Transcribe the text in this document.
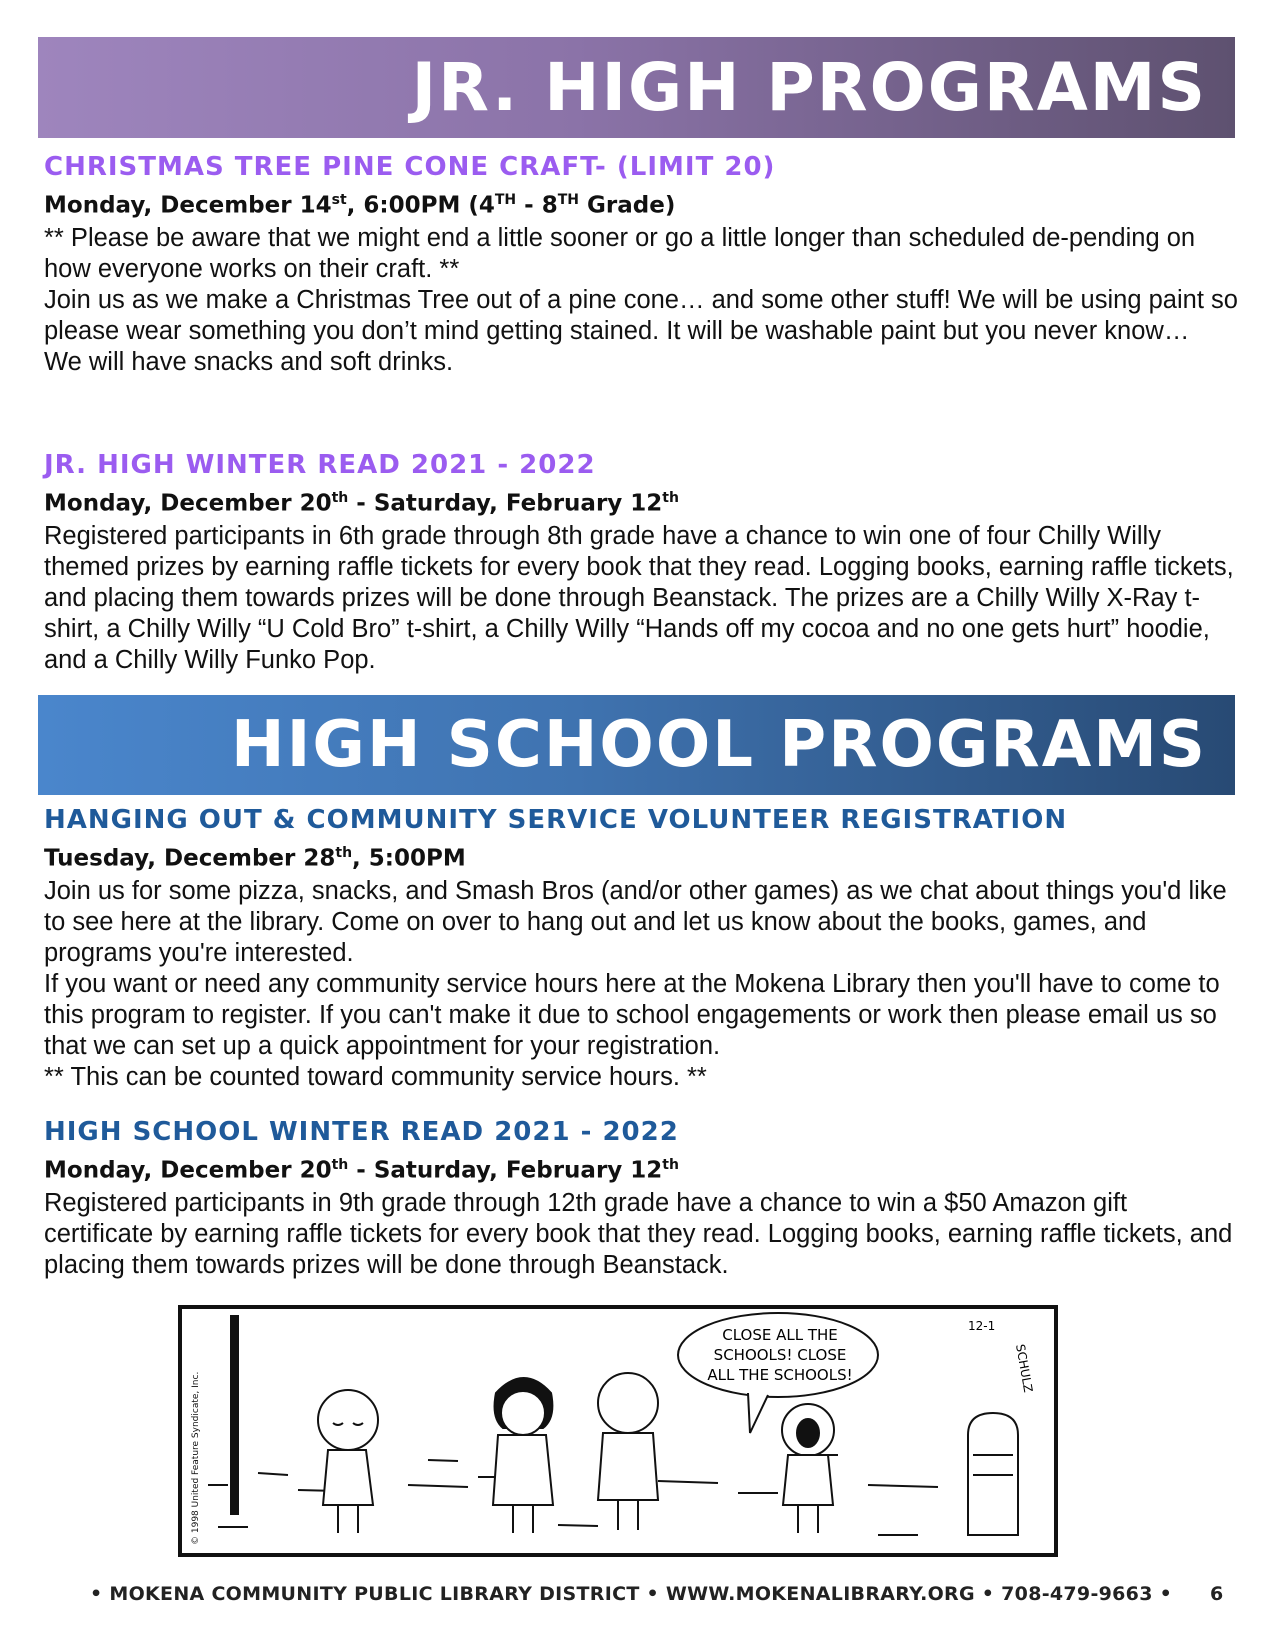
JR. HIGH PROGRAMS
CHRISTMAS TREE PINE CONE CRAFT- (LIMIT 20)
Monday, December 14st, 6:00PM (4TH - 8TH Grade)

** Please be aware that we might end a little sooner or go a little longer than scheduled de-pending on how everyone works on their craft. **

Join us as we make a Christmas Tree out of a pine cone… and some other stuff! We will be using paint so please wear something you don’t mind getting stained. It will be washable paint but you never know…

We will have snacks and soft drinks.

JR. HIGH WINTER READ 2021 - 2022
Monday, December 20th - Saturday, February 12th

Registered participants in 6th grade through 8th grade have a chance to win one of four Chilly Willy themed prizes by earning raffle tickets for every book that they read. Logging books, earning raffle tickets, and placing them towards prizes will be done through Beanstack. The prizes are a Chilly Willy X-Ray t-shirt, a Chilly Willy “U Cold Bro” t-shirt, a Chilly Willy “Hands off my cocoa and no one gets hurt” hoodie, and a Chilly Willy Funko Pop.

HIGH SCHOOL PROGRAMS
HANGING OUT & COMMUNITY SERVICE VOLUNTEER REGISTRATION
Tuesday, December 28th, 5:00PM

Join us for some pizza, snacks, and Smash Bros (and/or other games) as we chat about things you'd like to see here at the library. Come on over to hang out and let us know about the books, games, and programs you're interested.

If you want or need any community service hours here at the Mokena Library then you'll have to come to this program to register. If you can't make it due to school engagements or work then please email us so that we can set up a quick appointment for your registration.

** This can be counted toward community service hours. **

HIGH SCHOOL WINTER READ 2021 - 2022
Monday, December 20th - Saturday, February 12th

Registered participants in 9th grade through 12th grade have a chance to win a $50 Amazon gift certificate by earning raffle tickets for every book that they read. Logging books, earning raffle tickets, and placing them towards prizes will be done through Beanstack.

© 1998 United Feature Syndicate, Inc.
CLOSE ALL THE
SCHOOLS! CLOSE
ALL THE SCHOOLS!
12-1
SCHULZ
• MOKENA COMMUNITY PUBLIC LIBRARY DISTRICT • WWW.MOKENALIBRARY.ORG • 708-479-9663 • 6
